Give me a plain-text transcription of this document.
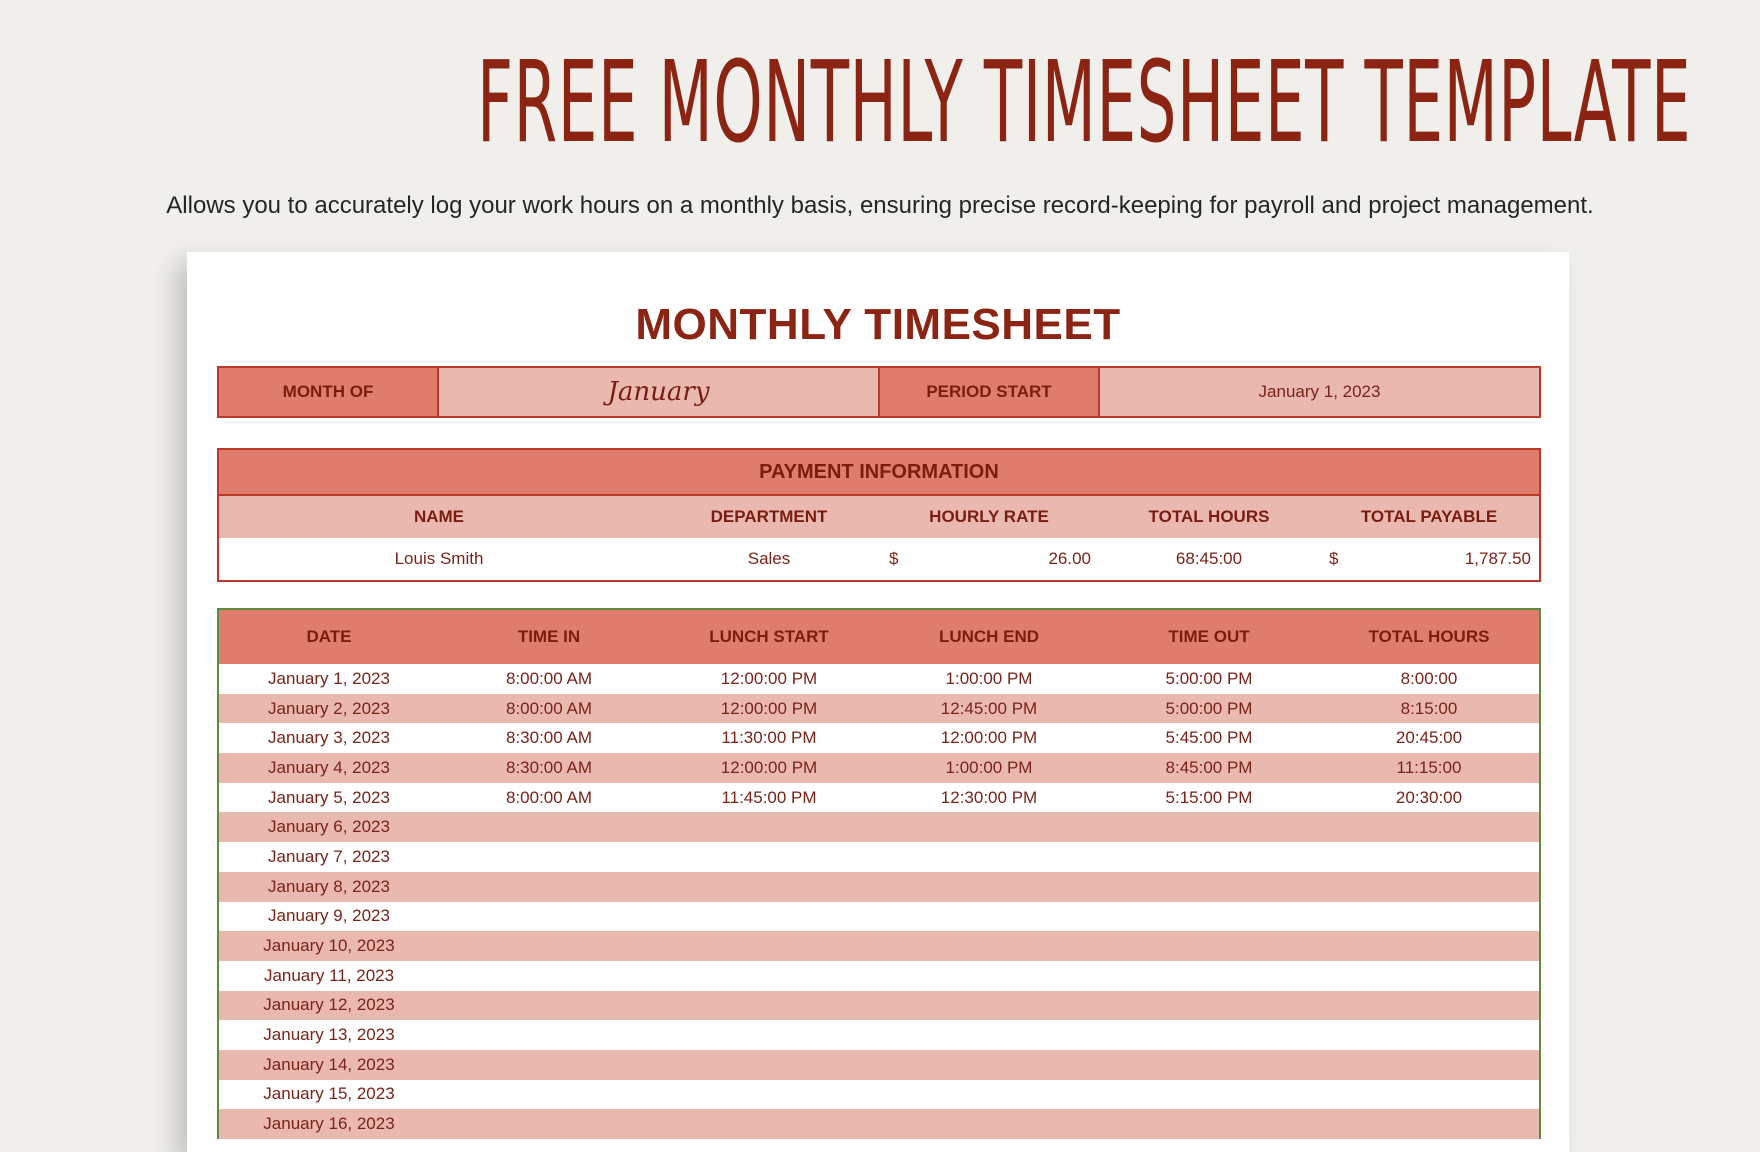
FREE MONTHLY TIMESHEET TEMPLATE
Allows you to accurately log your work hours on a monthly basis, ensuring precise record-keeping for payroll and project management.
MONTHLY TIMESHEET
MONTH OF	January	PERIOD START	January 1, 2023
PAYMENT INFORMATION
NAME	DEPARTMENT	HOURLY RATE	TOTAL HOURS	TOTAL PAYABLE
Louis Smith	Sales	$	26.00	68:45:00	$	1,787.50
DATE	TIME IN	LUNCH START	LUNCH END	TIME OUT	TOTAL HOURS
January 1, 2023	8:00:00 AM	12:00:00 PM	1:00:00 PM	5:00:00 PM	8:00:00
January 2, 2023	8:00:00 AM	12:00:00 PM	12:45:00 PM	5:00:00 PM	8:15:00
January 3, 2023	8:30:00 AM	11:30:00 PM	12:00:00 PM	5:45:00 PM	20:45:00
January 4, 2023	8:30:00 AM	12:00:00 PM	1:00:00 PM	8:45:00 PM	11:15:00
January 5, 2023	8:00:00 AM	11:45:00 PM	12:30:00 PM	5:15:00 PM	20:30:00
January 6, 2023
January 7, 2023
January 8, 2023
January 9, 2023
January 10, 2023
January 11, 2023
January 12, 2023
January 13, 2023
January 14, 2023
January 15, 2023
January 16, 2023
